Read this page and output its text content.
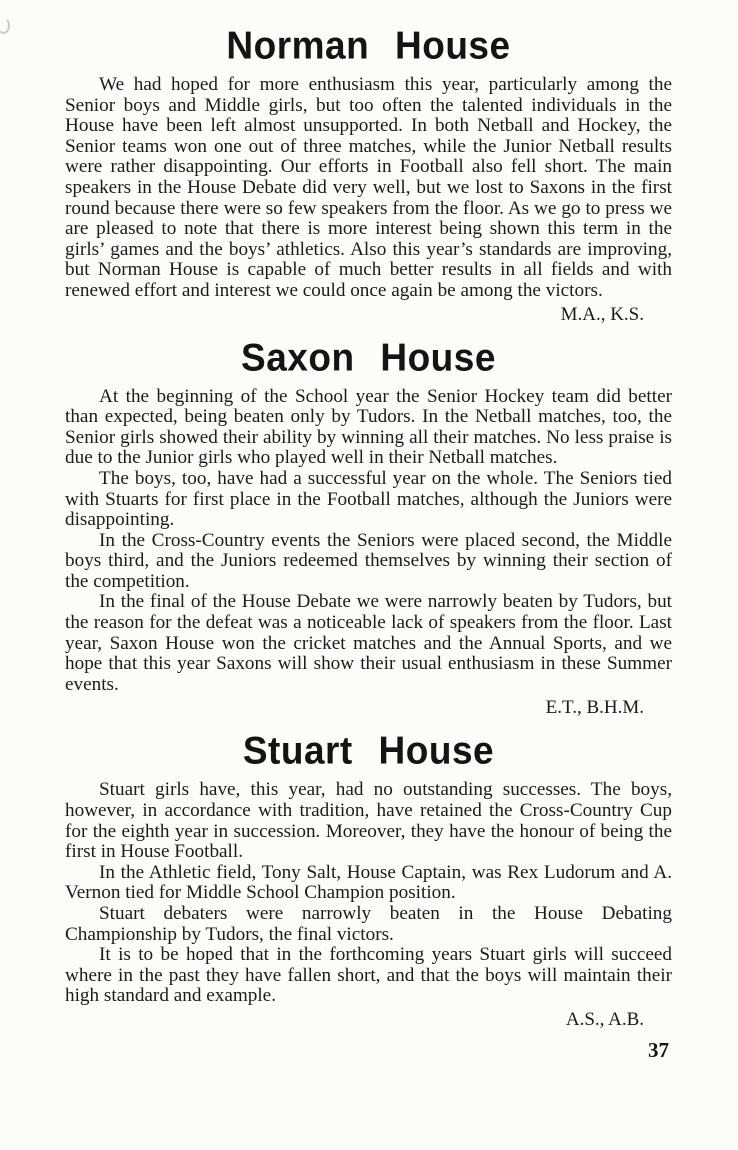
Norman House

We had hoped for more enthusiasm this year, particularly among the Senior boys and Middle girls, but too often the talented individuals in the House have been left almost unsupported. In both Netball and Hockey, the Senior teams won one out of three matches, while the Junior Netball results were rather disappointing. Our efforts in Football also fell short. The main speakers in the House Debate did very well, but we lost to Saxons in the first round because there were so few speakers from the floor. As we go to press we are pleased to note that there is more interest being shown this term in the girls’ games and the boys’ athletics. Also this year’s standards are improving, but Norman House is capable of much better results in all fields and with renewed effort and interest we could once again be among the victors.

M.A., K.S.
Saxon House

At the beginning of the School year the Senior Hockey team did better than expected, being beaten only by Tudors. In the Netball matches, too, the Senior girls showed their ability by winning all their matches. No less praise is due to the Junior girls who played well in their Netball matches.

The boys, too, have had a successful year on the whole. The Seniors tied with Stuarts for first place in the Football matches, although the Juniors were disappointing.

In the Cross-Country events the Seniors were placed second, the Middle boys third, and the Juniors redeemed themselves by winning their section of the competition.

In the final of the House Debate we were narrowly beaten by Tudors, but the reason for the defeat was a noticeable lack of speakers from the floor. Last year, Saxon House won the cricket matches and the Annual Sports, and we hope that this year Saxons will show their usual enthusiasm in these Summer events.

E.T., B.H.M.
Stuart House

Stuart girls have, this year, had no outstanding successes. The boys, however, in accordance with tradition, have retained the Cross-Country Cup for the eighth year in succession. Moreover, they have the honour of being the first in House Football.

In the Athletic field, Tony Salt, House Captain, was Rex Ludorum and A. Vernon tied for Middle School Champion position.

Stuart debaters were narrowly beaten in the House Debating Championship by Tudors, the final victors.

It is to be hoped that in the forthcoming years Stuart girls will succeed where in the past they have fallen short, and that the boys will maintain their high standard and example.

A.S., A.B.
37
